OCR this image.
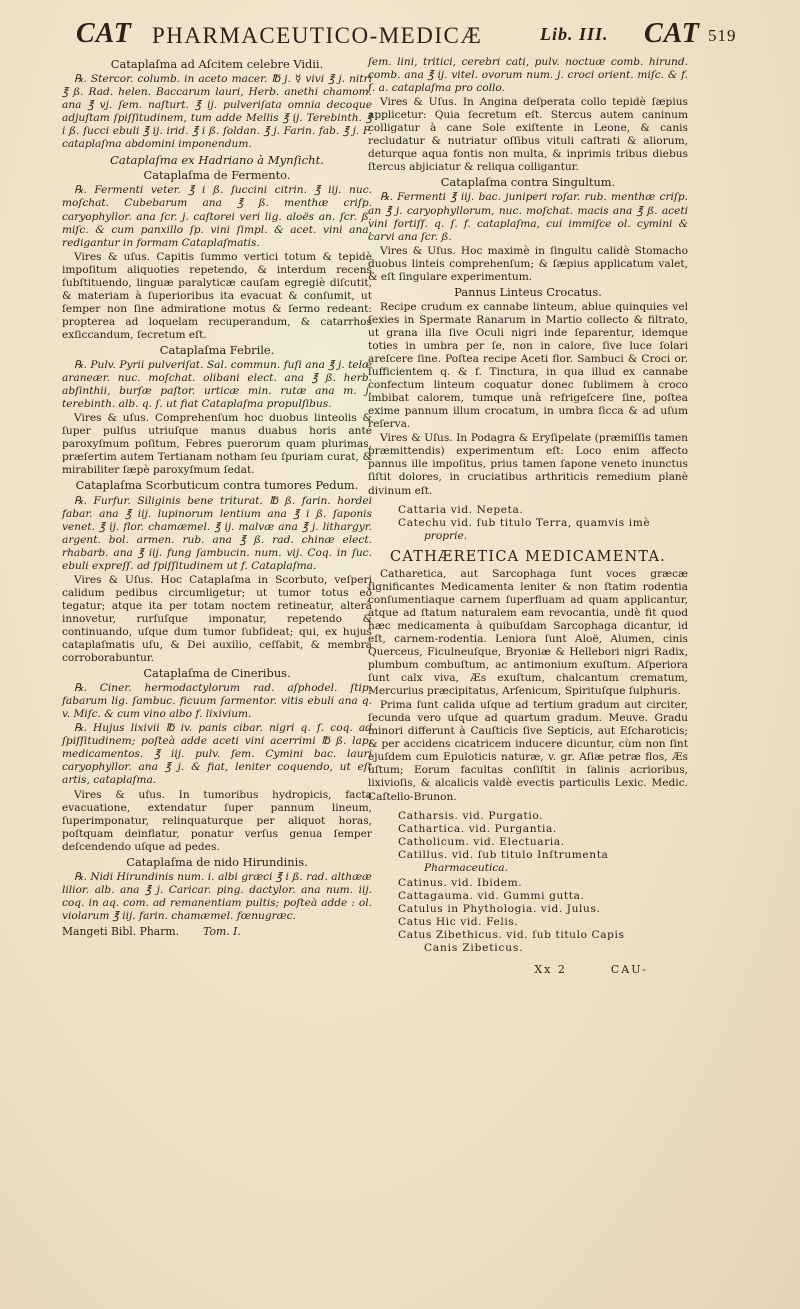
CAT PHARMACEUTICO-MEDICÆ	Lib. III. CAT 519
Cataplaſma ad Aſcitem celebre Vidii.

℞. Stercor. columb. in aceto macer. ℔ j. ☿ vivi ℥ j. nitri ℥ ß. Rad. helen. Baccarum lauri, Herb. anethi chamom. ana ℥ vj. ſem. naſturt. ℥ ij. pulveriſata omnia decoque adjuſtam ſpiſſitudinem, tum adde Mellis ℥ ij. Terebinth. ℥ i ß. ſucci ebuli ℥ ij. irid. ℥ i ß. ſoldan. ℥ j. Farin. fab. ℥ j. F. cataplaſma abdomini imponendum.

Cataplaſma ex Hadriano à Mynſicht.
Cataplaſma de Fermento.

℞. Fermenti veter. ℥ i ß. ſuccini citrin. ℥ iij. nuc. moſchat. Cubebarum ana ℥ ß. menthæ criſp. caryophyllor. ana ſcr. j. caſtorei veri lig. aloës an. ſcr. ß. miſc. & cum panxillo ſp. vini ſimpl. & acet. vini ana, redigantur in formam Cataplaſmatis.

Vires & uſus. Capitis ſummo vertici totum & tepidè impoſitum aliquoties repetendo, & interdum recens ſubſtituendo, linguæ paralyticæ cauſam egregiè diſcutit, & materiam à ſuperioribus ita evacuat & conſumit, ut ſemper non ſine admiratione motus & ſermo redeant: propterea ad loquelam recuperandum, & catarrhos exſiccandum, ſecretum eſt.

Cataplaſma Febrile.

℞. Pulv. Pyrii pulveriſat. Sal. commun. fuſi ana ℥ j. telæ araneær. nuc. moſchat. olibani elect. ana ℥ ß. herb. abſinthii, burſæ paſtor. urticæ min. rutæ ana m. j. terebinth. alb. q. ſ. ut fiat Cataplaſma propulſibus.

Vires & uſus. Comprehenſum hoc duobus linteolis & ſuper pulſus utriuſque manus duabus horis ante paroxyſmum poſitum, Febres puerorum quam plurimas, præſertim autem Tertianam notham ſeu ſpuriam curat, & mirabiliter ſæpè paroxyſmum ſedat.

Cataplaſma Scorbuticum contra tumores Pedum.

℞. Furfur. Siliginis bene triturat. ℔ ß. farin. hordei fabar. ana ℥ iij. lupinorum lentium ana ℥ i ß. ſaponis venet. ℥ ij. flor. chamæmel. ℥ ij. malvæ ana ℥ j. lithargyr. argent. bol. armen. rub. ana ℥ ß. rad. chinæ elect. rhabarb. ana ℥ iij. fung ſambucin. num. vij. Coq. in ſuc. ebuli expreſſ. ad ſpiſſitudinem ut f. Cataplaſma.

Vires & Uſus. Hoc Cataplaſma in Scorbuto, veſperi calidum pedibus circumligetur; ut tumor totus eò tegatur; atque ita per totam noctem retineatur, alterâ innovetur, rurſuſque imponatur, repetendo & continuando, uſque dum tumor ſubſideat; qui, ex hujus cataplaſmatis uſu, & Dei auxilio, ceſſabit, & membra corroborabuntur.

Cataplaſma de Cineribus.

℞. Ciner. hermodactylorum rad. aſphodel. ſtip. fabarum lig. ſambuc. ficuum ſarmentor. vitis ebuli ana q. v. Miſc. & cum vino albo f. lixivium.

℞. Hujus lixivii ℔ iv. panis cibar. nigri q. ſ. coq. ad ſpiſſitudinem; poſteà adde aceti vini acerrimi ℔ ß. lap. medicamentos. ℥ iij. pulv. ſem. Cymini bac. lauri caryophyllor. ana ℥ j. & fiat, leniter coquendo, ut eſt artis, cataplaſma.

Vires & uſus. In tumoribus hydropicis, facta evacuatione, extendatur ſuper pannum lineum, ſuperimponatur, relinquaturque per aliquot horas, poſtquam deinflatur, ponatur verſus genua ſemper deſcendendo uſque ad pedes.

Cataplaſma de nido Hirundinis.

℞. Nidi Hirundinis num. i. albi græci ℥ i ß. rad. althææ lilior. alb. ana ℥ j. Caricar. ping. dactylor. ana num. iij. coq. in aq. com. ad remanentiam pultis; poſteà adde : ol. violarum ℥ iij. farin. chamæmel. fœnugræc.

Mangeti Bibl. Pharm. Tom. I.

ſem. lini, tritici, cerebri cati, pulv. noctuæ comb. hirund. comb. ana ℥ ij. vitel. ovorum num. j. croci orient. miſc. & f. ſ. a. cataplaſma pro collo.

Vires & Uſus. In Angina deſperata collo tepidè ſæpius applicetur: Quia ſecretum eſt. Stercus autem caninum colligatur à cane Sole exiſtente in Leone, & canis recludatur & nutriatur oſſibus vituli caſtrati & aliorum, deturque aqua fontis non multa, & inprimis tribus diebus ſtercus abjiciatur & reliqua colligantur.

Cataplaſma contra Singultum.

℞. Fermenti ℥ iij. bac. juniperi roſar. rub. menthæ criſp. an ℥ j. caryophyllorum, nuc. moſchat. macis ana ℥ ß. aceti vini fortiſſ. q. ſ. f. cataplaſma, cui immiſce ol. cymini & carvi ana ſcr. ß.

Vires & Uſus. Hoc maximè in ſingultu calidè Stomacho duobus linteis comprehenſum; & ſæpius applicatum valet, & eſt ſingulare experimentum.

Pannus Linteus Crocatus.

Recipe crudum ex cannabe linteum, ablue quinquies vel ſexies in Spermate Ranarum in Martio collecto & filtrato, ut grana illa ſive Oculi nigri inde ſeparentur, idemque toties in umbra per ſe, non in calore, ſive luce ſolari areſcere ſine. Poſtea recipe Aceti flor. Sambuci & Croci or. ſufficientem q. & f. Tinctura, in qua illud ex cannabe confectum linteum coquatur donec ſublimem à croco imbibat calorem, tumque unà refrigeſcere ſine, poſtea exime pannum illum crocatum, in umbra ſicca & ad uſum reſerva.

Vires & Uſus. In Podagra & Eryſipelate (præmiſſis tamen præmittendis) experimentum eſt: Loco enim affecto pannus ille impoſitus, prius tamen ſapone veneto inunctus ſiſtit dolores, in cruciatibus arthriticis remedium planè divinum eſt.

Cattaria vid. Nepeta.

Catechu vid. ſub titulo Terra, quamvis imè

proprie.

CATHÆRETICA MEDICAMENTA.

Catharetica, aut Sarcophaga ſunt voces græcæ ſignificantes Medicamenta leniter & non ſtatim rodentia conſumentiaque carnem ſuperfluam ad quam applicantur, atque ad ſtatum naturalem eam revocantia, undè fit quod hæc medicamenta à quibuſdam Sarcophaga dicantur, id eſt, carnem-rodentia. Leniora ſunt Aloë, Alumen, cinis Querceus, Ficulneuſque, Bryoniæ & Hellebori nigri Radix, plumbum combuſtum, ac antimonium exuſtum. Aſperiora ſunt calx viva, Æs exuſtum, chalcantum crematum, Mercurius præcipitatus, Arſenicum, Spirituſque ſulphuris.

Prima ſunt calida uſque ad tertium gradum aut circiter, ſecunda vero uſque ad quartum gradum. Meuve. Gradu minori differunt à Cauſticis ſive Septicis, aut Eſcharoticis; & per accidens cicatricem inducere dicuntur, cùm non ſint ejuſdem cum Epuloticis naturæ, v. gr. Aſiæ petræ flos, Æs uſtum; Eorum facultas conſiſtit in ſalinis acrioribus, lixivioſis, & alcalicis valdè evectis particulis Lexic. Medic. Caſtello-Brunon.

Catharsis. vid. Purgatio.

Cathartica. vid. Purgantia.

Catholicum. vid. Electuaria.

Catillus. vid. ſub titulo Inſtrumenta

Pharmaceutica.

Catinus. vid. Ibidem.

Cattagauma. vid. Gummi gutta.

Catulus in Phythologia. vid. Julus.

Catus Hic vid. Felis.

Catus Zibethicus. vid. ſub titulo Capis

Canis Zibeticus.

Xx 2	CAU-
